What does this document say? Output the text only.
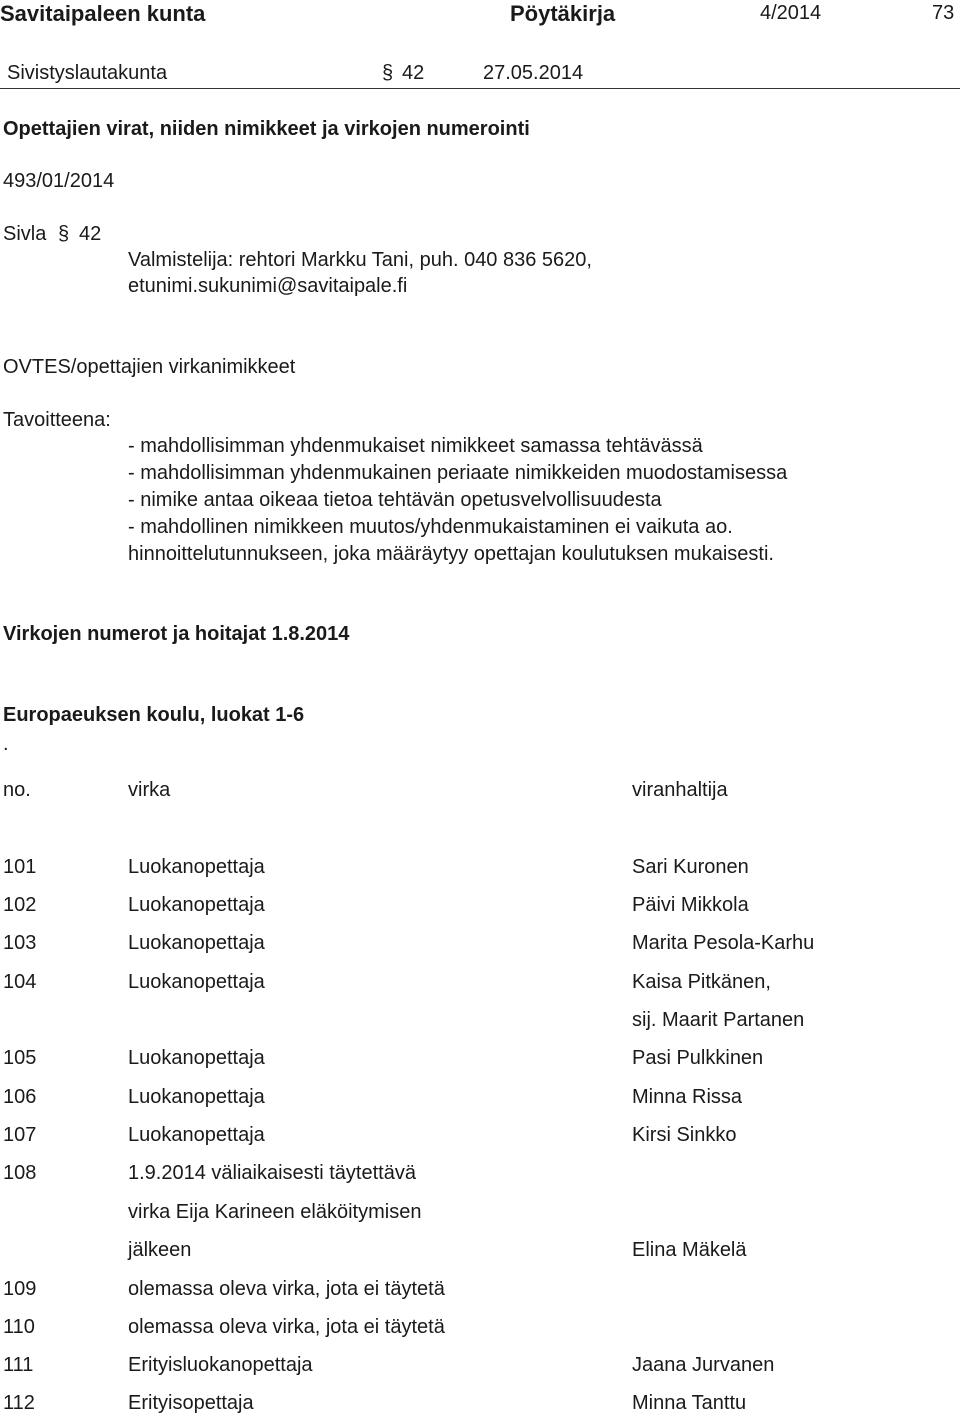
Savitaipaleen kunta	Pöytäkirja	4/2014	73
Sivistyslautakunta	§ 42	27.05.2014
Opettajien virat, niiden nimikkeet ja virkojen numerointi
493/01/2014
Sivla § 42
Valmistelija: rehtori Markku Tani, puh. 040 836 5620,
etunimi.sukunimi@savitaipale.fi
OVTES/opettajien virkanimikkeet
Tavoitteena:
- mahdollisimman yhdenmukaiset nimikkeet samassa tehtävässä
- mahdollisimman yhdenmukainen periaate nimikkeiden muodostamisessa
- nimike antaa oikeaa tietoa tehtävän opetusvelvollisuudesta
- mahdollinen nimikkeen muutos/yhdenmukaistaminen ei vaikuta ao.
hinnoittelutunnukseen, joka määräytyy opettajan koulutuksen mukaisesti.
Virkojen numerot ja hoitajat 1.8.2014
Europaeuksen koulu, luokat 1-6
.
no.	virka	viranhaltija
101	Luokanopettaja	Sari Kuronen
102	Luokanopettaja	Päivi Mikkola
103	Luokanopettaja	Marita Pesola-Karhu
104	Luokanopettaja	Kaisa Pitkänen,
sij. Maarit Partanen
105	Luokanopettaja	Pasi Pulkkinen
106	Luokanopettaja	Minna Rissa
107	Luokanopettaja	Kirsi Sinkko
108	1.9.2014 väliaikaisesti täytettävä
virka Eija Karineen eläköitymisen
jälkeen	Elina Mäkelä
109	olemassa oleva virka, jota ei täytetä
110	olemassa oleva virka, jota ei täytetä
111	Erityisluokanopettaja	Jaana Jurvanen
112	Erityisopettaja	Minna Tanttu
